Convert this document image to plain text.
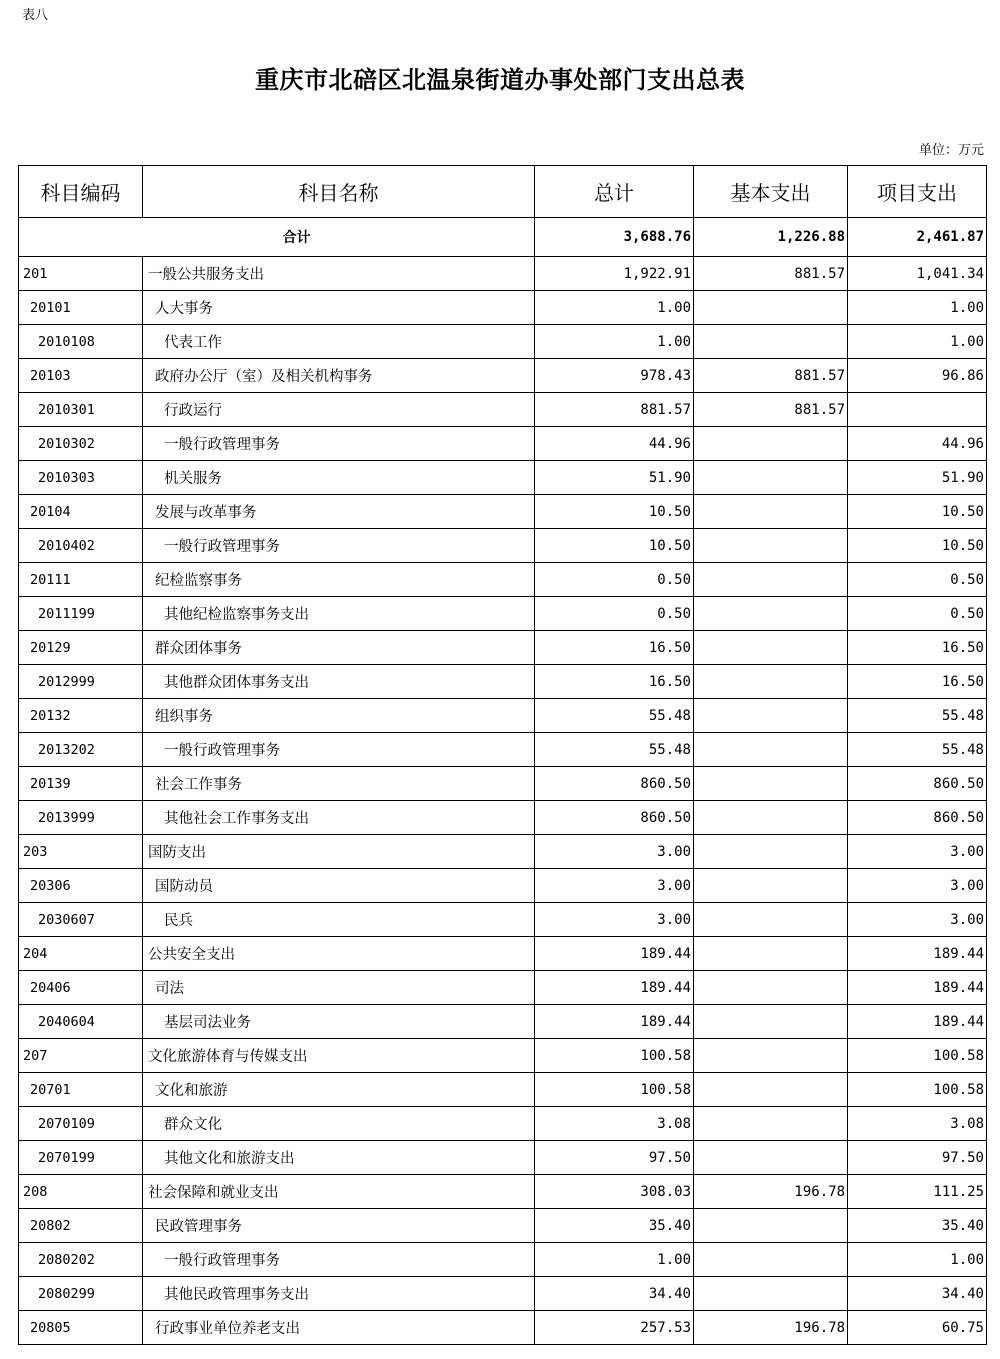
表八
重庆市北碚区北温泉街道办事处部门支出总表
单位：万元
科目编码	科目名称	总计	基本支出	项目支出
合计		3,688.76	1,226.88	2,461.87
201	一般公共服务支出	1,922.91	881.57	1,041.34
20101	人大事务	1.00		1.00
2010108	代表工作	1.00		1.00
20103	政府办公厅（室）及相关机构事务	978.43	881.57	96.86
2010301	行政运行	881.57	881.57	
2010302	一般行政管理事务	44.96		44.96
2010303	机关服务	51.90		51.90
20104	发展与改革事务	10.50		10.50
2010402	一般行政管理事务	10.50		10.50
20111	纪检监察事务	0.50		0.50
2011199	其他纪检监察事务支出	0.50		0.50
20129	群众团体事务	16.50		16.50
2012999	其他群众团体事务支出	16.50		16.50
20132	组织事务	55.48		55.48
2013202	一般行政管理事务	55.48		55.48
20139	社会工作事务	860.50		860.50
2013999	其他社会工作事务支出	860.50		860.50
203	国防支出	3.00		3.00
20306	国防动员	3.00		3.00
2030607	民兵	3.00		3.00
204	公共安全支出	189.44		189.44
20406	司法	189.44		189.44
2040604	基层司法业务	189.44		189.44
207	文化旅游体育与传媒支出	100.58		100.58
20701	文化和旅游	100.58		100.58
2070109	群众文化	3.08		3.08
2070199	其他文化和旅游支出	97.50		97.50
208	社会保障和就业支出	308.03	196.78	111.25
20802	民政管理事务	35.40		35.40
2080202	一般行政管理事务	1.00		1.00
2080299	其他民政管理事务支出	34.40		34.40
20805	行政事业单位养老支出	257.53	196.78	60.75
